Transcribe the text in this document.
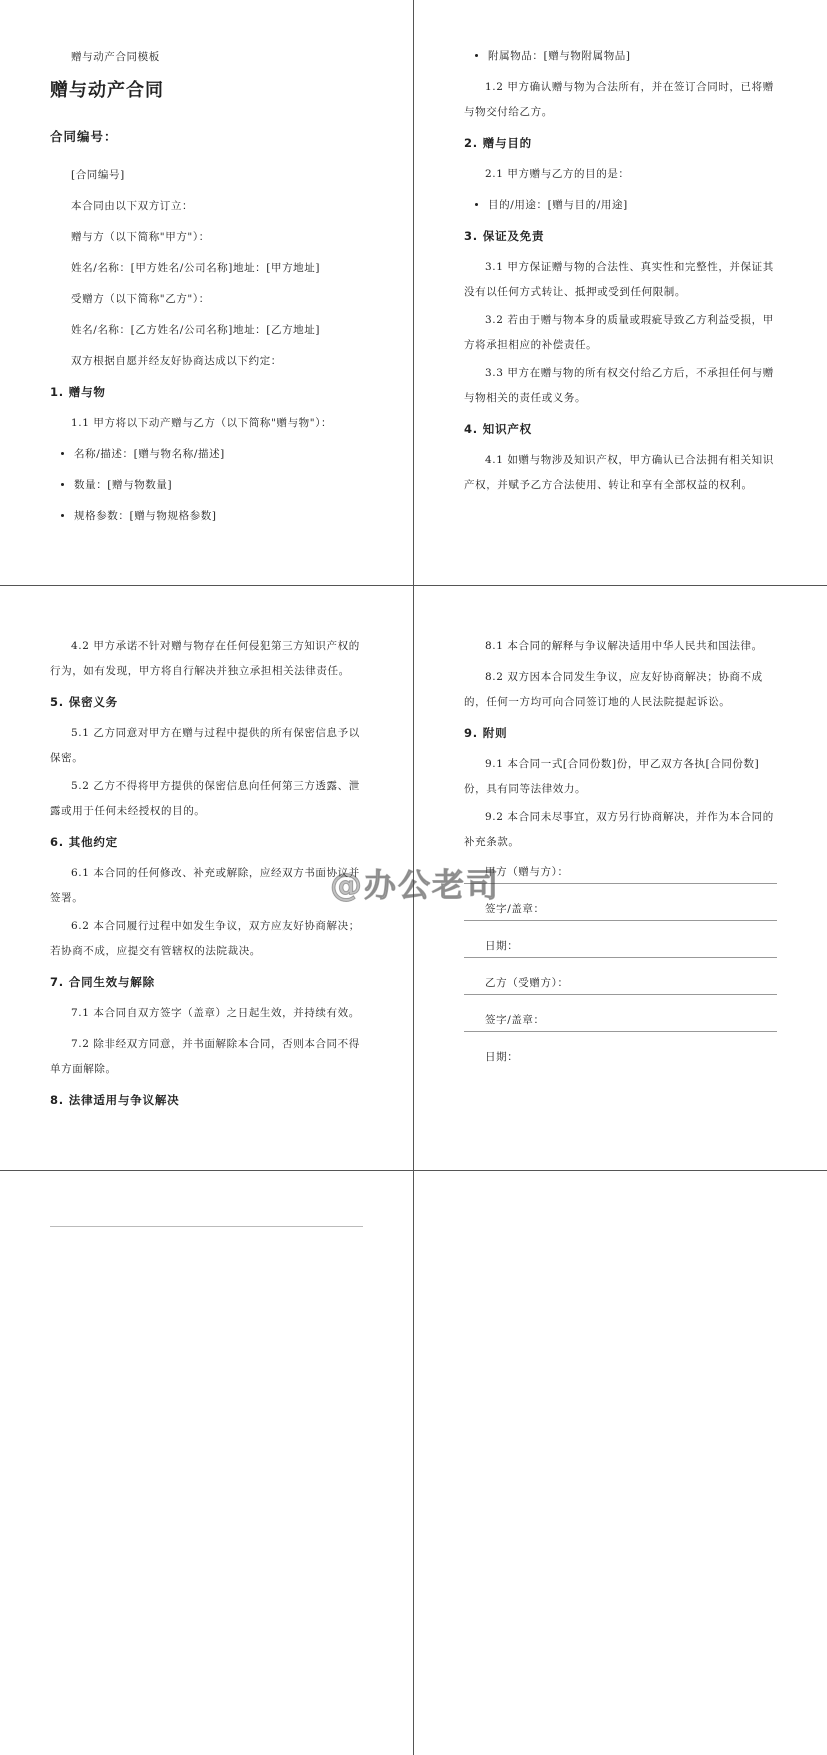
赠与动产合同模板

赠与动产合同
合同编号：

[合同编号]

本合同由以下双方订立：

赠与方（以下简称"甲方"）：

姓名/名称：[甲方姓名/公司名称]地址：[甲方地址]

受赠方（以下简称"乙方"）：

姓名/名称：[乙方姓名/公司名称]地址：[乙方地址]

双方根据自愿并经友好协商达成以下约定：

1. 赠与物

1.1 甲方将以下动产赠与乙方（以下简称"赠与物"）：

• 名称/描述：[赠与物名称/描述]
• 数量：[赠与物数量]
• 规格参数：[赠与物规格参数]
• 附属物品：[赠与物附属物品]

1.2 甲方确认赠与物为合法所有，并在签订合同时，已将赠与物交付给乙方。

2. 赠与目的

2.1 甲方赠与乙方的目的是：

• 目的/用途：[赠与目的/用途]
3. 保证及免责

3.1 甲方保证赠与物的合法性、真实性和完整性，并保证其没有以任何方式转让、抵押或受到任何限制。

3.2 若由于赠与物本身的质量或瑕疵导致乙方利益受损，甲方将承担相应的补偿责任。

3.3 甲方在赠与物的所有权交付给乙方后，不承担任何与赠与物相关的责任或义务。

4. 知识产权

4.1 如赠与物涉及知识产权，甲方确认已合法拥有相关知识产权，并赋予乙方合法使用、转让和享有全部权益的权利。

4.2 甲方承诺不针对赠与物存在任何侵犯第三方知识产权的行为，如有发现，甲方将自行解决并独立承担相关法律责任。

5. 保密义务

5.1 乙方同意对甲方在赠与过程中提供的所有保密信息予以保密。

5.2 乙方不得将甲方提供的保密信息向任何第三方透露、泄露或用于任何未经授权的目的。

6. 其他约定

6.1 本合同的任何修改、补充或解除，应经双方书面协议并签署。

6.2 本合同履行过程中如发生争议，双方应友好协商解决；若协商不成，应提交有管辖权的法院裁决。

7. 合同生效与解除

7.1 本合同自双方签字（盖章）之日起生效，并持续有效。

7.2 除非经双方同意，并书面解除本合同，否则本合同不得单方面解除。

8. 法律适用与争议解决

8.1 本合同的解释与争议解决适用中华人民共和国法律。

8.2 双方因本合同发生争议，应友好协商解决；协商不成的，任何一方均可向合同签订地的人民法院提起诉讼。

9. 附则

9.1 本合同一式[合同份数]份，甲乙双方各执[合同份数]份，具有同等法律效力。

9.2 本合同未尽事宜，双方另行协商解决，并作为本合同的补充条款。

甲方（赠与方）：

签字/盖章：

日期：

乙方（受赠方）：

签字/盖章：

日期：

@办公老司
